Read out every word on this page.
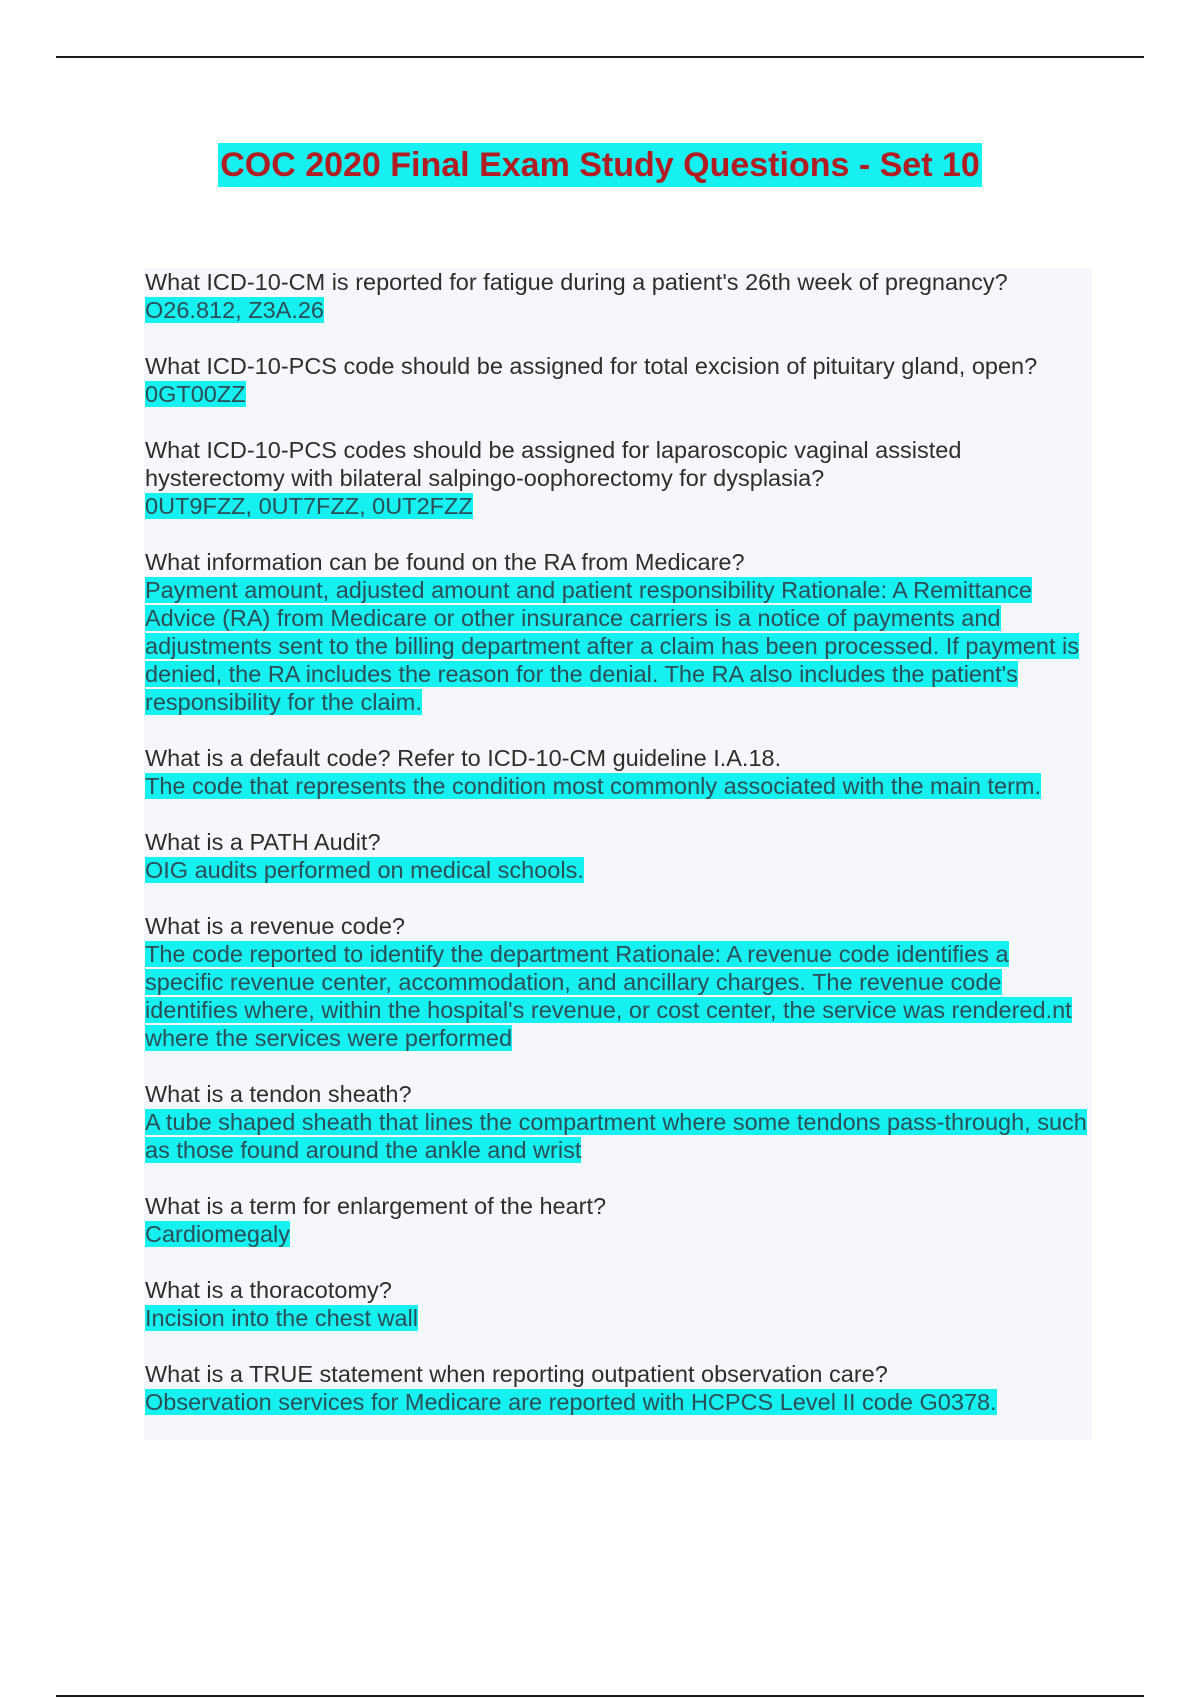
COC 2020 Final Exam Study Questions - Set 10
What ICD-10-CM is reported for fatigue during a patient's 26th week of pregnancy?
O26.812, Z3A.26
What ICD-10-PCS code should be assigned for total excision of pituitary gland, open?
0GT00ZZ
What ICD-10-PCS codes should be assigned for laparoscopic vaginal assisted hysterectomy with bilateral salpingo-oophorectomy for dysplasia?
0UT9FZZ, 0UT7FZZ, 0UT2FZZ
What information can be found on the RA from Medicare?
Payment amount, adjusted amount and patient responsibility Rationale: A Remittance Advice (RA) from Medicare or other insurance carriers is a notice of payments and adjustments sent to the billing department after a claim has been processed. If payment is denied, the RA includes the reason for the denial. The RA also includes the patient's responsibility for the claim.
What is a default code? Refer to ICD-10-CM guideline I.A.18.
The code that represents the condition most commonly associated with the main term.
What is a PATH Audit?
OIG audits performed on medical schools.
What is a revenue code?
The code reported to identify the department Rationale: A revenue code identifies a specific revenue center, accommodation, and ancillary charges. The revenue code identifies where, within the hospital's revenue, or cost center, the service was rendered.nt where the services were performed
What is a tendon sheath?
A tube shaped sheath that lines the compartment where some tendons pass-through, such as those found around the ankle and wrist
What is a term for enlargement of the heart?
Cardiomegaly
What is a thoracotomy?
Incision into the chest wall
What is a TRUE statement when reporting outpatient observation care?
Observation services for Medicare are reported with HCPCS Level II code G0378.
